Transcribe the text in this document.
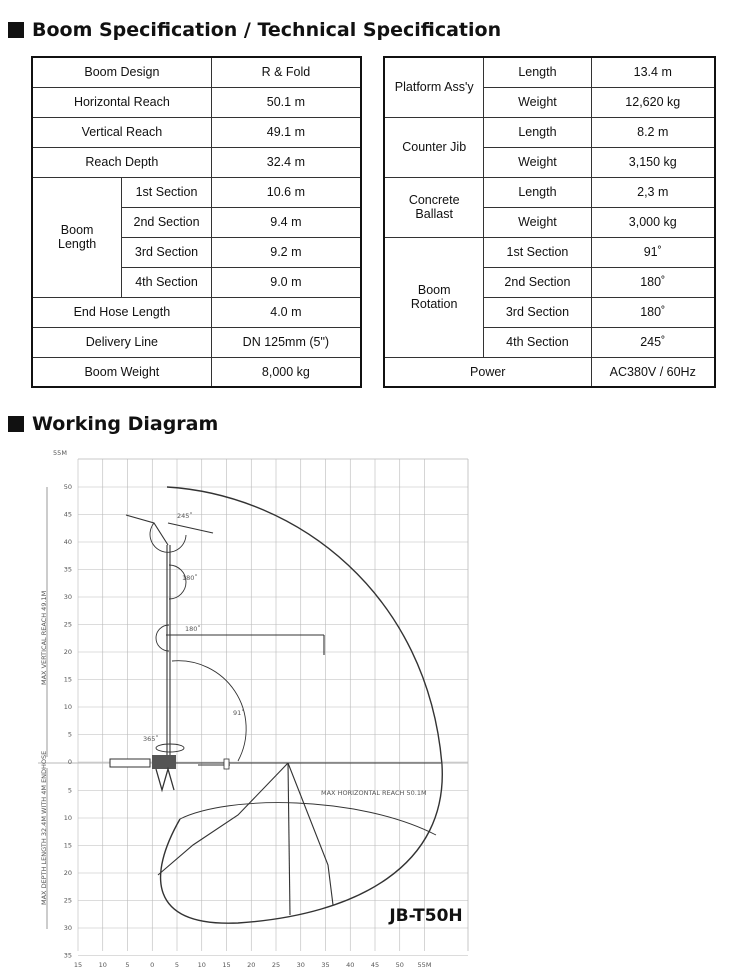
Boom Specification / Technical Specification
Boom Design		R & Fold
Horizontal Reach		50.1 m
Vertical Reach		49.1 m
Reach Depth		32.4 m
Boom Length	1st Section	10.6 m
	2nd Section	9.4 m
	3rd Section	9.2 m
	4th Section	9.0 m
End Hose Length		4.0 m
Delivery Line		DN 125mm (5")
Boom Weight		8,000 kg
Platform Ass'y	Length	13.4 m
	Weight	12,620 kg
Counter Jib	Length	8.2 m
	Weight	3,150 kg
Concrete Ballast	Length	2,3 m
	Weight	3,000 kg
Boom Rotation	1st Section	91˚
	2nd Section	180˚
	3rd Section	180˚
	4th Section	245˚
Power		AC380V / 60Hz
Working Diagram
15	10	5	0	5	10	15	20	25	30	35	40	45	50 55M
50
45
40
35
30
25
20
15
10
5
0
5
10
15
20
25
30
35
55M
MAX VERTICAL REACH 49.1M
MAX DEPTH LENGTH 32.4M WITH 4M ENDHOSE
245˚
180˚
180˚
91˚
365˚
MAX HORIZONTAL REACH 50.1M
JB-T50H
